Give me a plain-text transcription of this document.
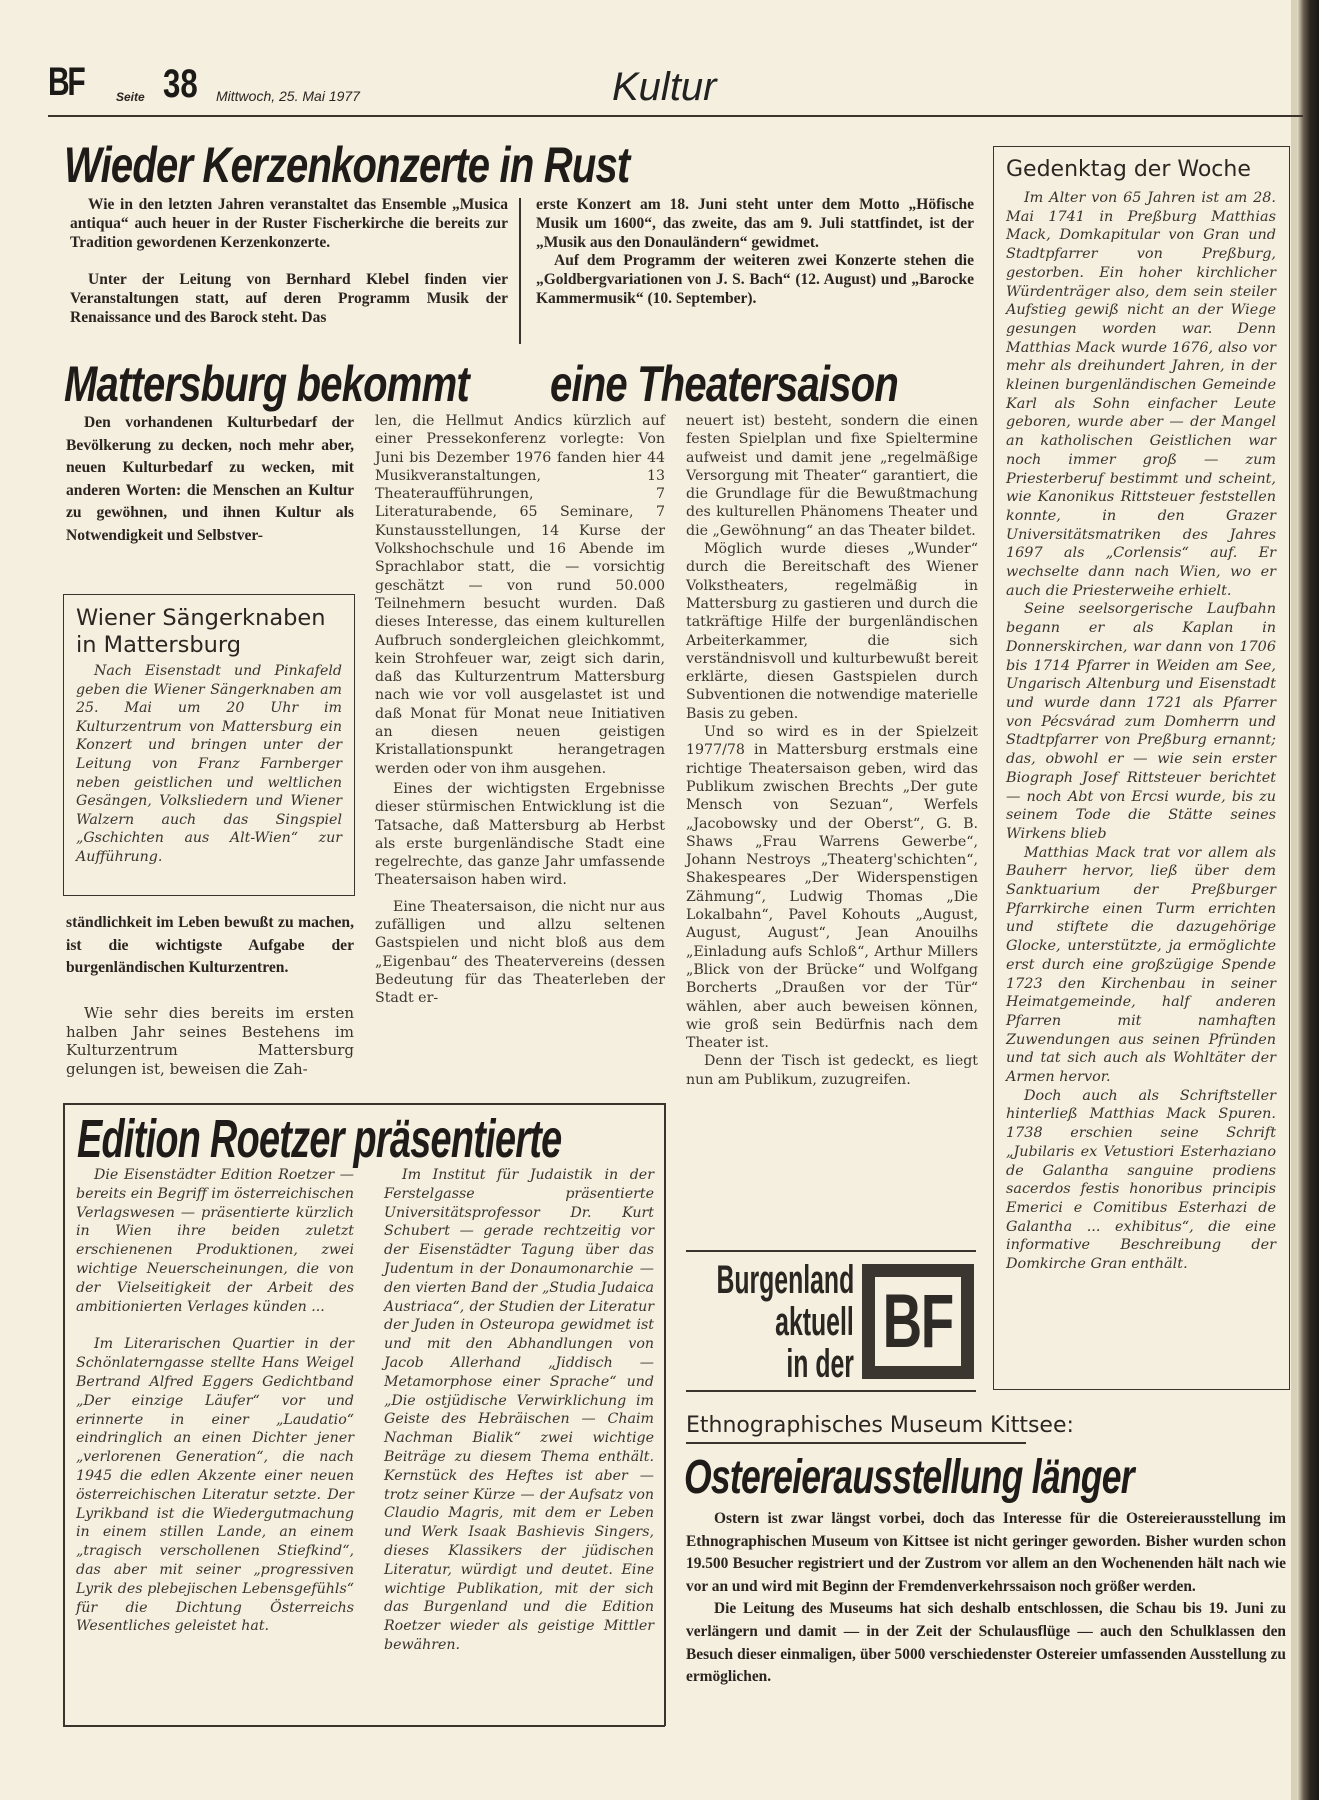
BF	Seite 38 Mittwoch, 25. Mai 1977	Kultur
Wieder Kerzenkonzerte in Rust

Wie in den letzten Jahren veranstaltet das Ensemble „Musica antiqua“ auch heuer in der Ruster Fischerkirche die bereits zur Tradition gewordenen Kerzenkonzerte.

Unter der Leitung von Bernhard Klebel finden vier Veranstaltungen statt, auf deren Programm Musik der Renaissance und des Barock steht. Das

erste Konzert am 18. Juni steht unter dem Motto „Höfische Musik um 1600“, das zweite, das am 9. Juli stattfindet, ist der „Musik aus den Donauländern“ gewidmet.

Auf dem Programm der weiteren zwei Konzerte stehen die „Goldbergvariationen von J. S. Bach“ (12. August) und „Barocke Kammermusik“ (10. September).

Gedenktag der Woche

Im Alter von 65 Jahren ist am 28. Mai 1741 in Preßburg Matthias Mack, Domkapitular von Gran und Stadtpfarrer von Preßburg, gestorben. Ein hoher kirchlicher Würdenträger also, dem sein steiler Aufstieg gewiß nicht an der Wiege gesungen worden war. Denn Matthias Mack wurde 1676, also vor mehr als dreihundert Jahren, in der kleinen burgenländischen Gemeinde Karl als Sohn einfacher Leute geboren, wurde aber — der Mangel an katholischen Geistlichen war noch immer groß — zum Priesterberuf bestimmt und scheint, wie Kanonikus Rittsteuer feststellen konnte, in den Grazer Universitätsmatriken des Jahres 1697 als „Corlensis“ auf. Er wechselte dann nach Wien, wo er auch die Priesterweihe erhielt.

Seine seelsorgerische Laufbahn begann er als Kaplan in Donnerskirchen, war dann von 1706 bis 1714 Pfarrer in Weiden am See, Ungarisch Altenburg und Eisenstadt und wurde dann 1721 als Pfarrer von Pécsvárad zum Domherrn und Stadtpfarrer von Preßburg ernannt; das, obwohl er — wie sein erster Biograph Josef Rittsteuer berichtet — noch Abt von Ercsi wurde, bis zu seinem Tode die Stätte seines Wirkens blieb

Matthias Mack trat vor allem als Bauherr hervor, ließ über dem Sanktuarium der Preßburger Pfarrkirche einen Turm errichten und stiftete die dazugehörige Glocke, unterstützte, ja ermöglichte erst durch eine großzügige Spende 1723 den Kirchenbau in seiner Heimatgemeinde, half anderen Pfarren mit namhaften Zuwendungen aus seinen Pfründen und tat sich auch als Wohltäter der Armen hervor.

Doch auch als Schriftsteller hinterließ Matthias Mack Spuren. 1738 erschien seine Schrift „Jubilaris ex Vetustiori Esterhaziano de Galantha sanguine prodiens sacerdos festis honoribus principis Emerici e Comitibus Esterhazi de Galantha ... exhibitus“, die eine informative Beschreibung der Domkirche Gran enthält.

Mattersburg bekommt eine Theatersaison

Den vorhandenen Kulturbedarf der Bevölkerung zu decken, noch mehr aber, neuen Kulturbedarf zu wecken, mit anderen Worten: die Menschen an Kultur zu gewöhnen, und ihnen Kultur als Notwendigkeit und Selbstver-

Wiener Sängerknaben in Mattersburg

Nach Eisenstadt und Pinkafeld geben die Wiener Sängerknaben am 25. Mai um 20 Uhr im Kulturzentrum von Mattersburg ein Konzert und bringen unter der Leitung von Franz Farnberger neben geistlichen und weltlichen Gesängen, Volksliedern und Wiener Walzern auch das Singspiel „Gschichten aus Alt-Wien“ zur Aufführung.

ständlichkeit im Leben bewußt zu machen, ist die wichtigste Aufgabe der burgenländischen Kulturzentren.

Wie sehr dies bereits im ersten halben Jahr seines Bestehens im Kulturzentrum Mattersburg gelungen ist, beweisen die Zah-

len, die Hellmut Andics kürzlich auf einer Pressekonferenz vorlegte: Von Juni bis Dezember 1976 fanden hier 44 Musikveranstaltungen, 13 Theateraufführungen, 7 Literaturabende, 65 Seminare, 7 Kunstausstellungen, 14 Kurse der Volkshochschule und 16 Abende im Sprachlabor statt, die — vorsichtig geschätzt — von rund 50.000 Teilnehmern besucht wurden. Daß dieses Interesse, das einem kulturellen Aufbruch sondergleichen gleichkommt, kein Strohfeuer war, zeigt sich darin, daß das Kulturzentrum Mattersburg nach wie vor voll ausgelastet ist und daß Monat für Monat neue Initiativen an diesen neuen geistigen Kristallationspunkt herangetragen werden oder von ihm ausgehen.

Eines der wichtigsten Ergebnisse dieser stürmischen Entwicklung ist die Tatsache, daß Mattersburg ab Herbst als erste burgenländische Stadt eine regelrechte, das ganze Jahr umfassende Theatersaison haben wird.

Eine Theatersaison, die nicht nur aus zufälligen und allzu seltenen Gastspielen und nicht bloß aus dem „Eigenbau“ des Theatervereins (dessen Bedeutung für das Theaterleben der Stadt er-

neuert ist) besteht, sondern die einen festen Spielplan und fixe Spieltermine aufweist und damit jene „regelmäßige Versorgung mit Theater“ garantiert, die die Grundlage für die Bewußtmachung des kulturellen Phänomens Theater und die „Gewöhnung“ an das Theater bildet.

Möglich wurde dieses „Wunder“ durch die Bereitschaft des Wiener Volkstheaters, regelmäßig in Mattersburg zu gastieren und durch die tatkräftige Hilfe der burgenländischen Arbeiterkammer, die sich verständnisvoll und kulturbewußt bereit erklärte, diesen Gastspielen durch Subventionen die notwendige materielle Basis zu geben.

Und so wird es in der Spielzeit 1977/78 in Mattersburg erstmals eine richtige Theatersaison geben, wird das Publikum zwischen Brechts „Der gute Mensch von Sezuan“, Werfels „Jacobowsky und der Oberst“, G. B. Shaws „Frau Warrens Gewerbe“, Johann Nestroys „Theaterg'schichten“, Shakespeares „Der Widerspenstigen Zähmung“, Ludwig Thomas „Die Lokalbahn“, Pavel Kohouts „August, August, August“, Jean Anouilhs „Einladung aufs Schloß“, Arthur Millers „Blick von der Brücke“ und Wolfgang Borcherts „Draußen vor der Tür“ wählen, aber auch beweisen können, wie groß sein Bedürfnis nach dem Theater ist.

Denn der Tisch ist gedeckt, es liegt nun am Publikum, zuzugreifen.

Edition Roetzer präsentierte

Die Eisenstädter Edition Roetzer — bereits ein Begriff im österreichischen Verlagswesen — präsentierte kürzlich in Wien ihre beiden zuletzt erschienenen Produktionen, zwei wichtige Neuerscheinungen, die von der Vielseitigkeit der Arbeit des ambitionierten Verlages künden ...

Im Literarischen Quartier in der Schönlaterngasse stellte Hans Weigel Bertrand Alfred Eggers Gedichtband „Der einzige Läufer“ vor und erinnerte in einer „Laudatio“ eindringlich an einen Dichter jener „verlorenen Generation“, die nach 1945 die edlen Akzente einer neuen österreichischen Literatur setzte. Der Lyrikband ist die Wiedergutmachung in einem stillen Lande, an einem „tragisch verschollenen Stiefkind“, das aber mit seiner „progressiven Lyrik des plebejischen Lebensgefühls“ für die Dichtung Österreichs Wesentliches geleistet hat.

Im Institut für Judaistik in der Ferstelgasse präsentierte Universitätsprofessor Dr. Kurt Schubert — gerade rechtzeitig vor der Eisenstädter Tagung über das Judentum in der Donaumonarchie — den vierten Band der „Studia Judaica Austriaca“, der Studien der Literatur der Juden in Osteuropa gewidmet ist und mit den Abhandlungen von Jacob Allerhand „Jiddisch — Metamorphose einer Sprache“ und „Die ostjüdische Verwirklichung im Geiste des Hebräischen — Chaim Nachman Bialik“ zwei wichtige Beiträge zu diesem Thema enthält. Kernstück des Heftes ist aber — trotz seiner Kürze — der Aufsatz von Claudio Magris, mit dem er Leben und Werk Isaak Bashievis Singers, dieses Klassikers der jüdischen Literatur, würdigt und deutet. Eine wichtige Publikation, mit der sich das Burgenland und die Edition Roetzer wieder als geistige Mittler bewähren.

Burgenland
aktuell
in der BF
Ethnographisches Museum Kittsee:
Ostereierausstellung länger

Ostern ist zwar längst vorbei, doch das Interesse für die Ostereierausstellung im Ethnographischen Museum von Kittsee ist nicht geringer geworden. Bisher wurden schon 19.500 Besucher registriert und der Zustrom vor allem an den Wochenenden hält nach wie vor an und wird mit Beginn der Fremdenverkehrssaison noch größer werden.

Die Leitung des Museums hat sich deshalb entschlossen, die Schau bis 19. Juni zu verlängern und damit — in der Zeit der Schulausflüge — auch den Schulklassen den Besuch dieser einmaligen, über 5000 verschiedenster Ostereier umfassenden Ausstellung zu ermöglichen.
